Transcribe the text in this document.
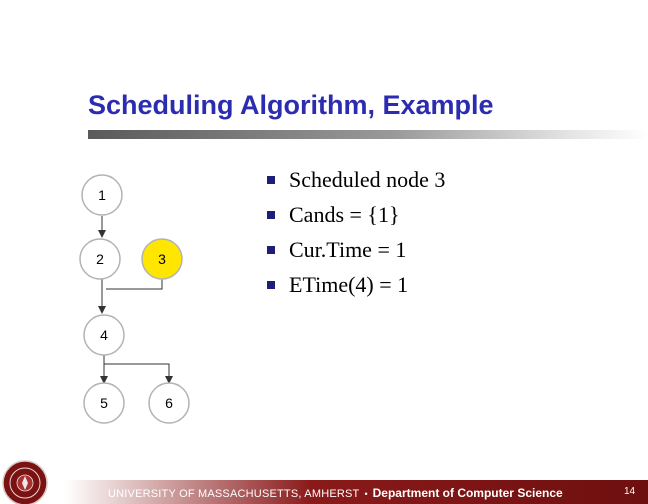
Scheduling Algorithm, Example
1
2	3
4
5	6
Scheduled node 3
Cands = {1}
Cur.Time = 1
ETime(4) = 1
UNIVERSITY OF MASSACHUSETTS, AMHERST • Department of Computer Science	14
